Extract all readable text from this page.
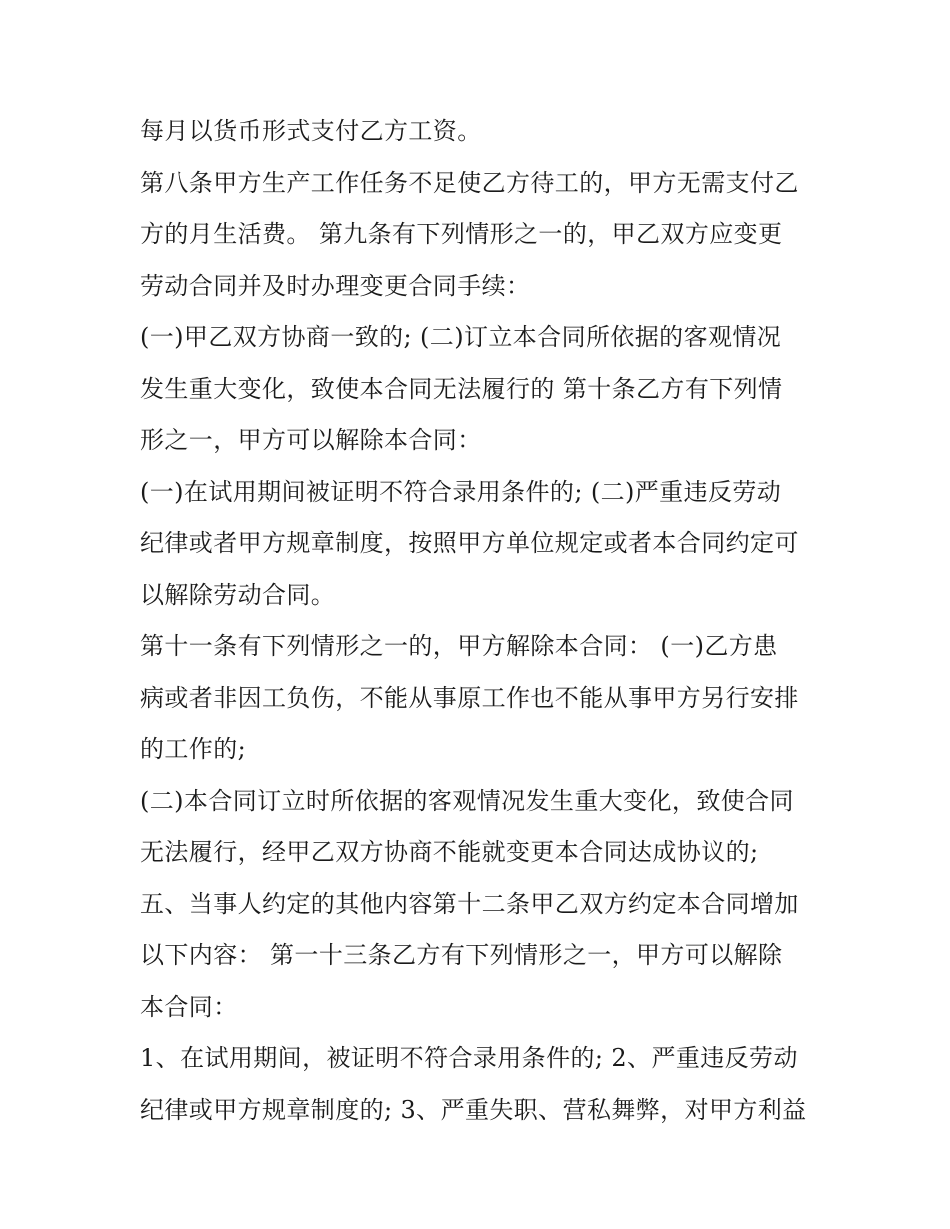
每月以货币形式支付乙方工资。
第八条甲方生产工作任务不足使乙方待工的，甲方无需支付乙
方的月生活费。 第九条有下列情形之一的，甲乙双方应变更
劳动合同并及时办理变更合同手续：
(一)甲乙双方协商一致的; (二)订立本合同所依据的客观情况
发生重大变化，致使本合同无法履行的 第十条乙方有下列情
形之一，甲方可以解除本合同：
(一)在试用期间被证明不符合录用条件的; (二)严重违反劳动
纪律或者甲方规章制度，按照甲方单位规定或者本合同约定可
以解除劳动合同。
第十一条有下列情形之一的，甲方解除本合同： (一)乙方患
病或者非因工负伤，不能从事原工作也不能从事甲方另行安排
的工作的;
(二)本合同订立时所依据的客观情况发生重大变化，致使合同
无法履行，经甲乙双方协商不能就变更本合同达成协议的;
五、当事人约定的其他内容第十二条甲乙双方约定本合同增加
以下内容： 第一十三条乙方有下列情形之一，甲方可以解除
本合同：
1、在试用期间，被证明不符合录用条件的; 2、严重违反劳动
纪律或甲方规章制度的; 3、严重失职、营私舞弊，对甲方利益
